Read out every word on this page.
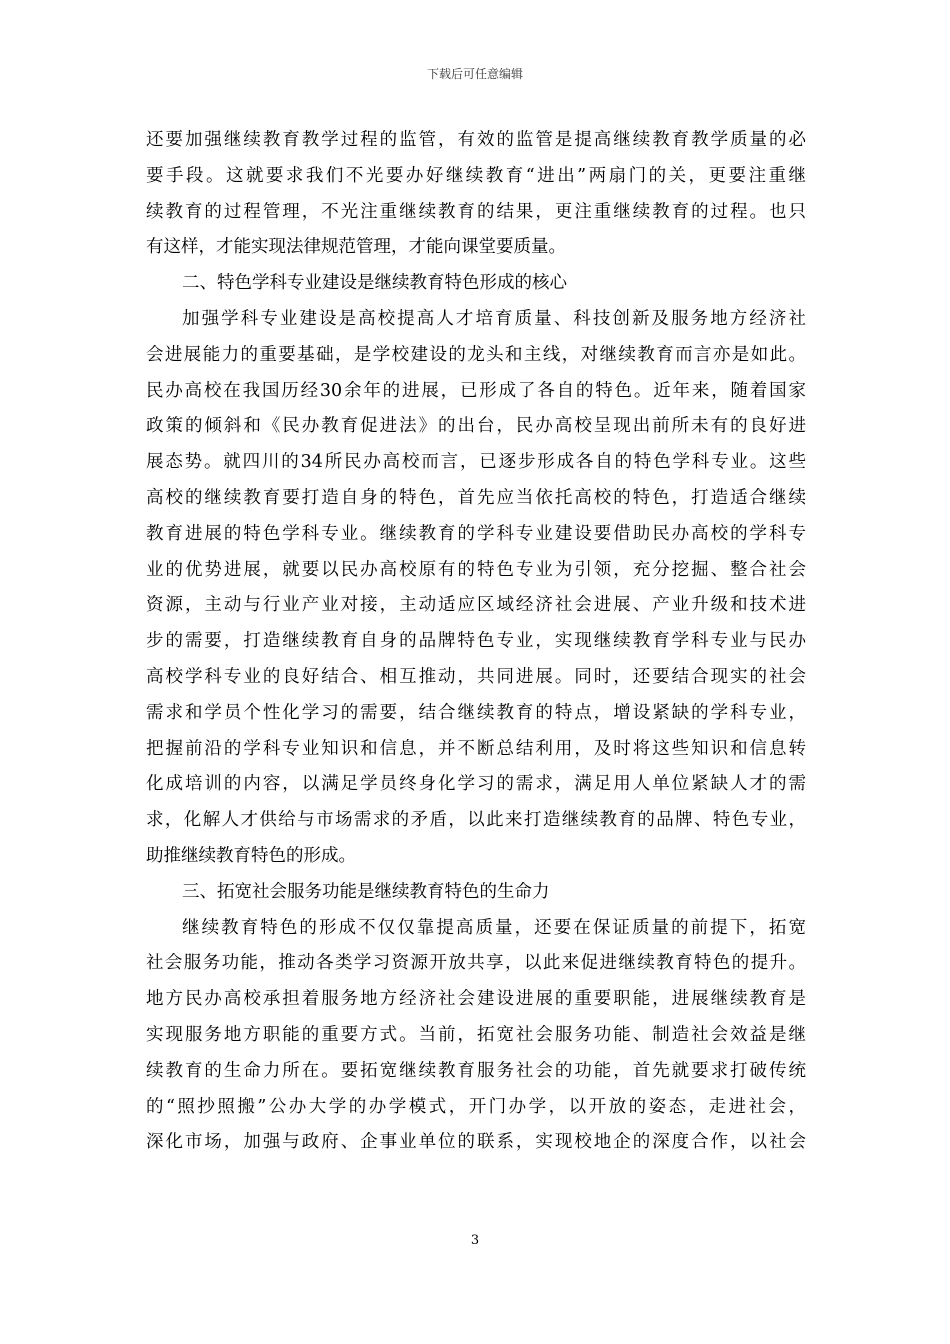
下载后可任意编辑
还要加强继续教育教学过程的监管，有效的监管是提高继续教育教学质量的必
要手段。这就要求我们不光要办好继续教育“进出”两扇门的关，更要注重继
续教育的过程管理，不光注重继续教育的结果，更注重继续教育的过程。也只
有这样，才能实现法律规范管理，才能向课堂要质量。
二、特色学科专业建设是继续教育特色形成的核心
加强学科专业建设是高校提高人才培育质量、科技创新及服务地方经济社
会进展能力的重要基础，是学校建设的龙头和主线，对继续教育而言亦是如此。
民办高校在我国历经30余年的进展，已形成了各自的特色。近年来，随着国家
政策的倾斜和《民办教育促进法》的出台，民办高校呈现出前所未有的良好进
展态势。就四川的34所民办高校而言，已逐步形成各自的特色学科专业。这些
高校的继续教育要打造自身的特色，首先应当依托高校的特色，打造适合继续
教育进展的特色学科专业。继续教育的学科专业建设要借助民办高校的学科专
业的优势进展，就要以民办高校原有的特色专业为引领，充分挖掘、整合社会
资源，主动与行业产业对接，主动适应区域经济社会进展、产业升级和技术进
步的需要，打造继续教育自身的品牌特色专业，实现继续教育学科专业与民办
高校学科专业的良好结合、相互推动，共同进展。同时，还要结合现实的社会
需求和学员个性化学习的需要，结合继续教育的特点，增设紧缺的学科专业，
把握前沿的学科专业知识和信息，并不断总结利用，及时将这些知识和信息转
化成培训的内容，以满足学员终身化学习的需求，满足用人单位紧缺人才的需
求，化解人才供给与市场需求的矛盾，以此来打造继续教育的品牌、特色专业，
助推继续教育特色的形成。
三、拓宽社会服务功能是继续教育特色的生命力
继续教育特色的形成不仅仅靠提高质量，还要在保证质量的前提下，拓宽
社会服务功能，推动各类学习资源开放共享，以此来促进继续教育特色的提升。
地方民办高校承担着服务地方经济社会建设进展的重要职能，进展继续教育是
实现服务地方职能的重要方式。当前，拓宽社会服务功能、制造社会效益是继
续教育的生命力所在。要拓宽继续教育服务社会的功能，首先就要求打破传统
的“照抄照搬”公办大学的办学模式，开门办学，以开放的姿态，走进社会，
深化市场，加强与政府、企事业单位的联系，实现校地企的深度合作，以社会
3
